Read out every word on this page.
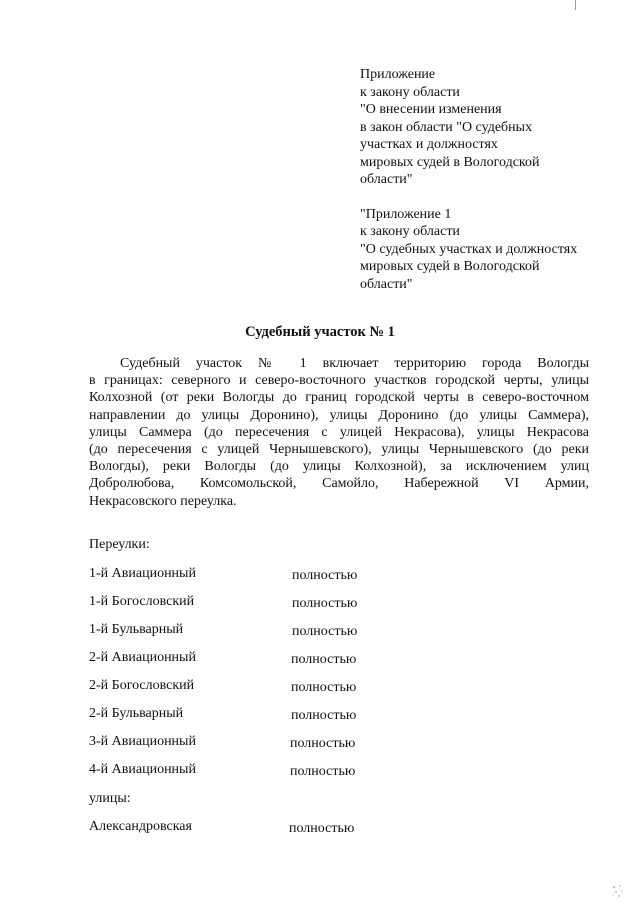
Приложение
к закону области
"О внесении изменения
в закон области "О судебных
участках и должностях
мировых судей в Вологодской
области"
"Приложение 1
к закону области
"О судебных участках и должностях
мировых судей в Вологодской
области"
Судебный участок № 1
Судебный участок № 1 включает территорию города Вологды
в границах: северного и северо-восточного участков городской черты, улицы
Колхозной (от реки Вологды до границ городской черты в северо-восточном
направлении до улицы Доронино), улицы Доронино (до улицы Саммера),
улицы Саммера (до пересечения с улицей Некрасова), улицы Некрасова
(до пересечения с улицей Чернышевского), улицы Чернышевского (до реки
Вологды), реки Вологды (до улицы Колхозной), за исключением улиц
Добролюбова, Комсомольской, Самойло, Набережной VI Армии,
Некрасовского переулка.
Переулки:
1-й Авиационный	полностью
1-й Богословский	полностью
1-й Бульварный	полностью
2-й Авиационный	полностью
2-й Богословский	полностью
2-й Бульварный	полностью
3-й Авиационный	полностью
4-й Авиационный	полностью
улицы:
Александровская	полностью
